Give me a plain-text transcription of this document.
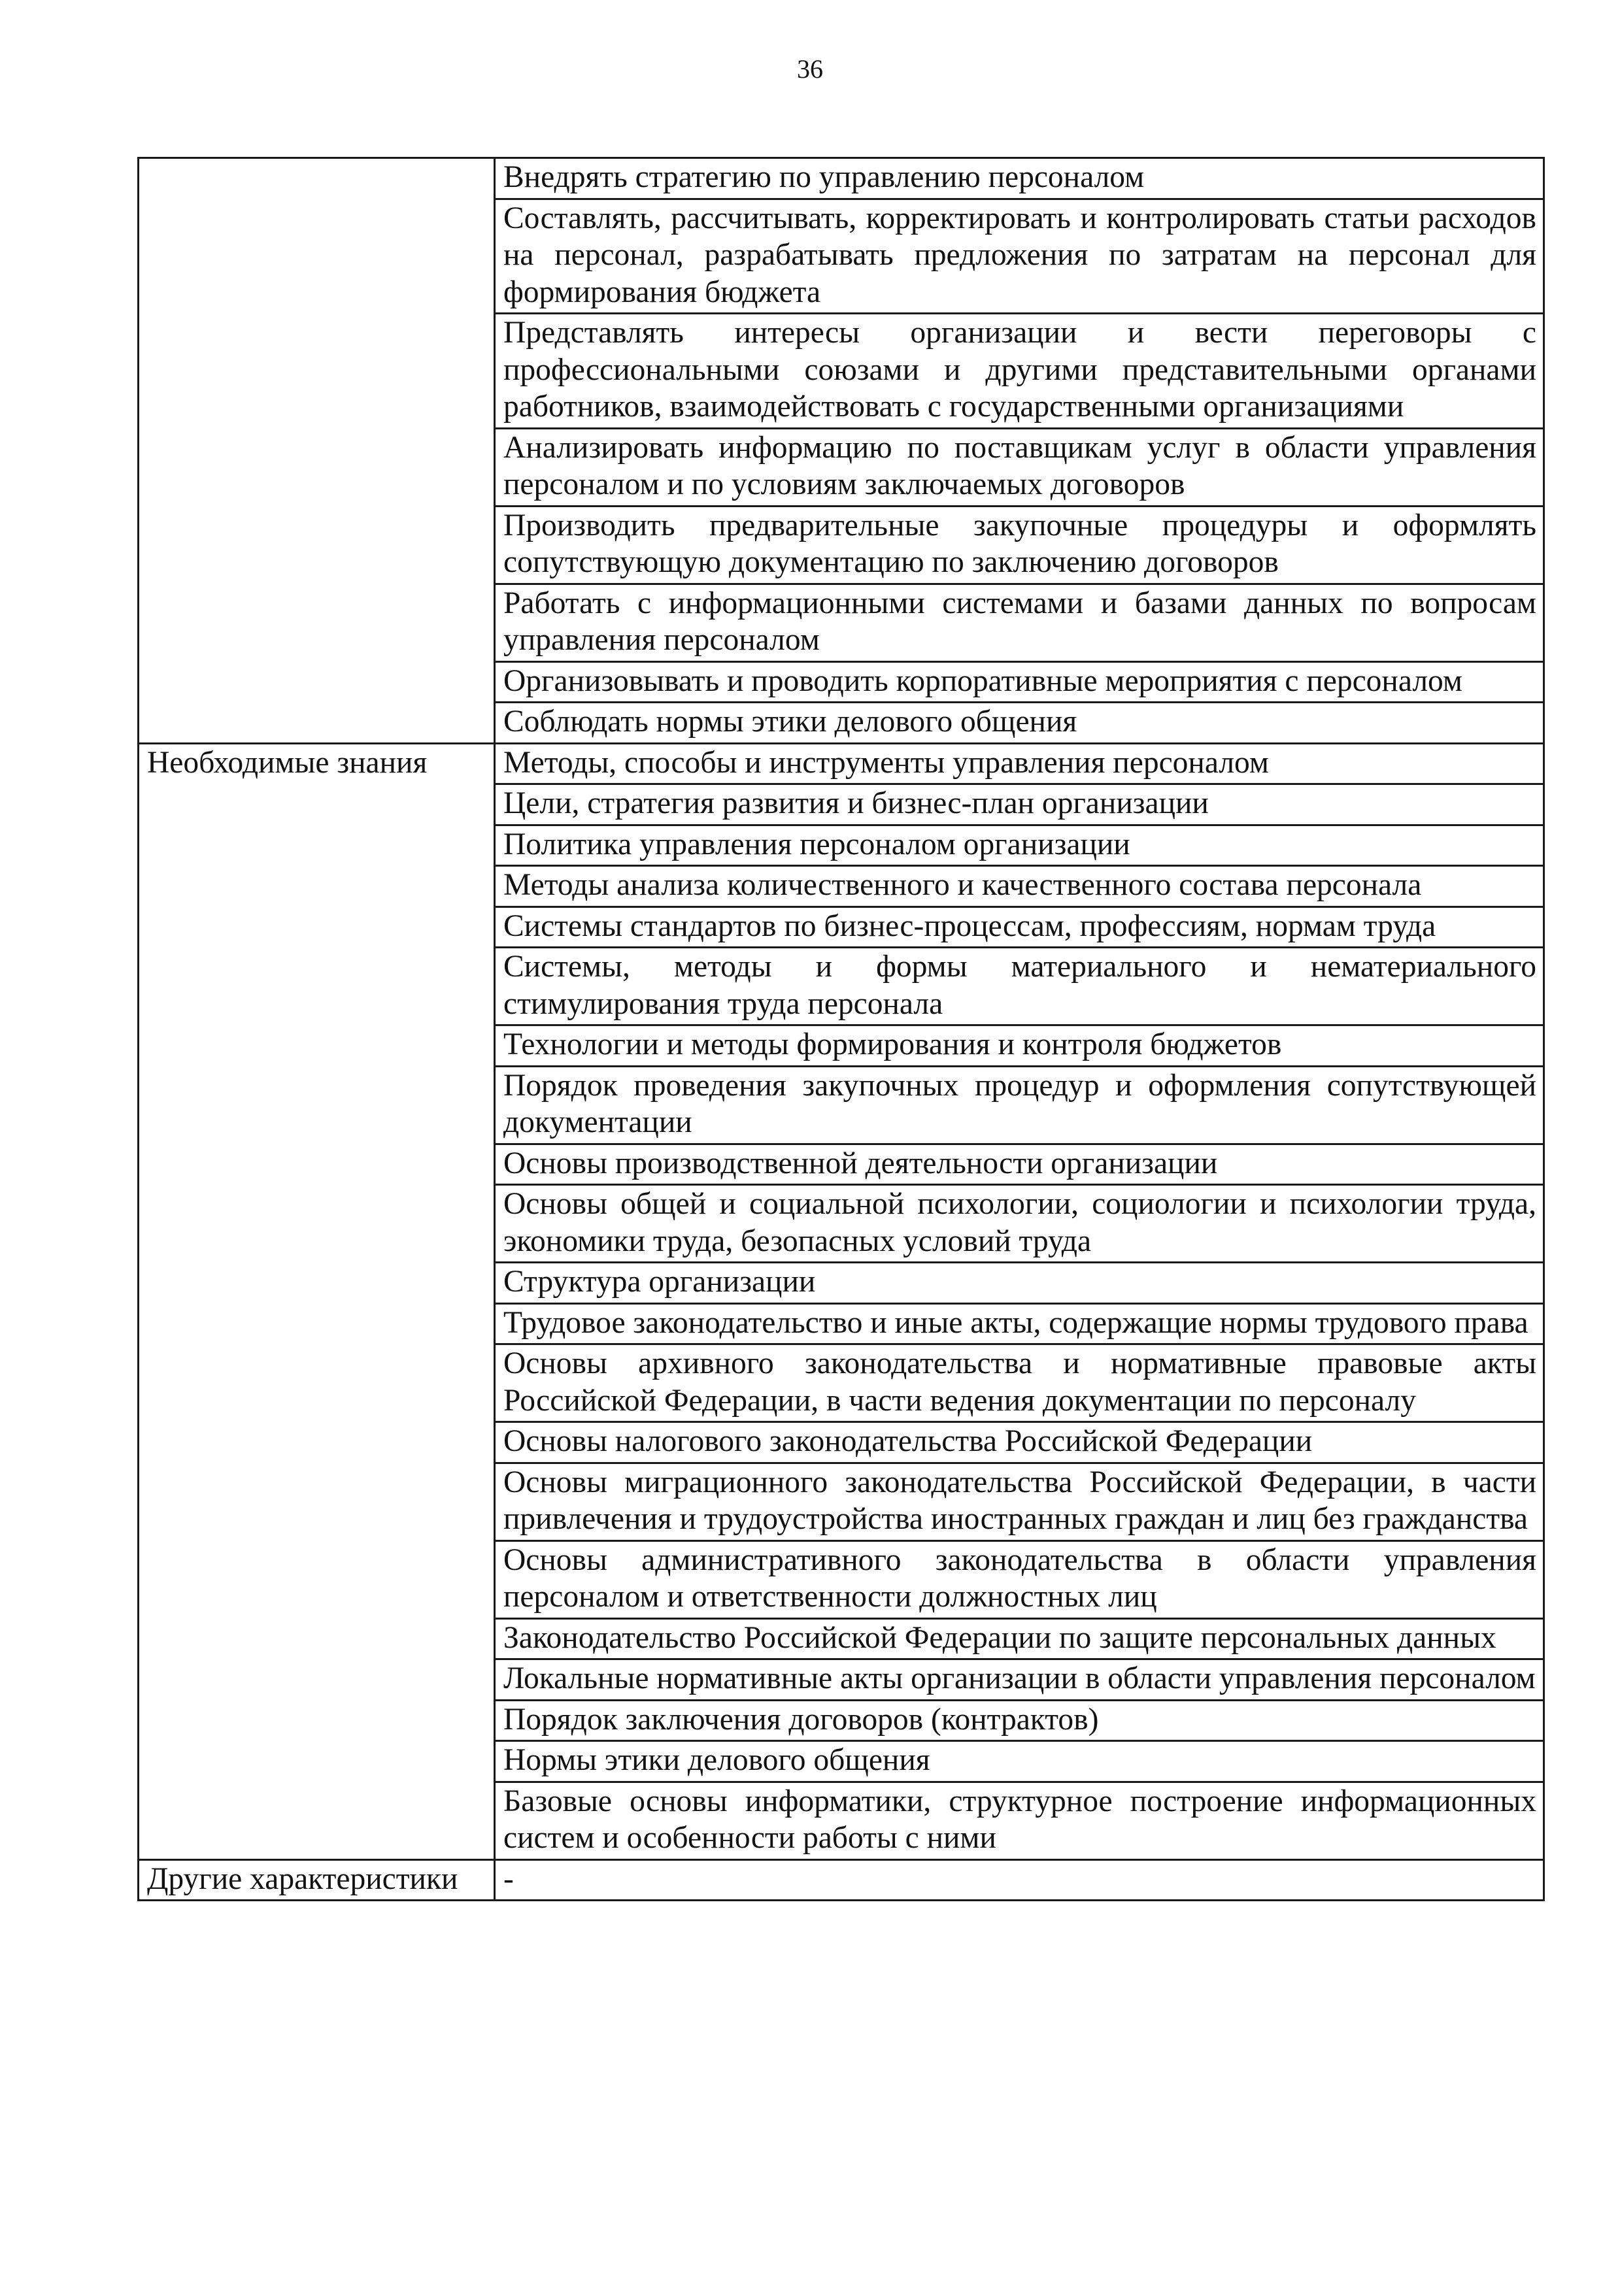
36
	Внедрять стратегию по управлению персоналом
	Составлять, рассчитывать, корректировать и контролировать статьи расходов на персонал, разрабатывать предложения по затратам на персонал для формирования бюджета
	Представлять интересы организации и вести переговоры с профессиональными союзами и другими представительными органами работников, взаимодействовать с государственными организациями
	Анализировать информацию по поставщикам услуг в области управления персоналом и по условиям заключаемых договоров
	Производить предварительные закупочные процедуры и оформлять сопутствующую документацию по заключению договоров
	Работать с информационными системами и базами данных по вопросам управления персоналом
	Организовывать и проводить корпоративные мероприятия с персоналом
	Соблюдать нормы этики делового общения
Необходимые знания	Методы, способы и инструменты управления персоналом
	Цели, стратегия развития и бизнес-план организации
	Политика управления персоналом организации
	Методы анализа количественного и качественного состава персонала
	Системы стандартов по бизнес-процессам, профессиям, нормам труда
	Системы, методы и формы материального и нематериального стимулирования труда персонала
	Технологии и методы формирования и контроля бюджетов
	Порядок проведения закупочных процедур и оформления сопутствующей документации
	Основы производственной деятельности организации
	Основы общей и социальной психологии, социологии и психологии труда, экономики труда, безопасных условий труда
	Структура организации
	Трудовое законодательство и иные акты, содержащие нормы трудового права
	Основы архивного законодательства и нормативные правовые акты Российской Федерации, в части ведения документации по персоналу
	Основы налогового законодательства Российской Федерации
	Основы миграционного законодательства Российской Федерации, в части привлечения и трудоустройства иностранных граждан и лиц без гражданства
	Основы административного законодательства в области управления персоналом и ответственности должностных лиц
	Законодательство Российской Федерации по защите персональных данных
	Локальные нормативные акты организации в области управления персоналом
	Порядок заключения договоров (контрактов)
	Нормы этики делового общения
	Базовые основы информатики, структурное построение информационных систем и особенности работы с ними
Другие характеристики	-
